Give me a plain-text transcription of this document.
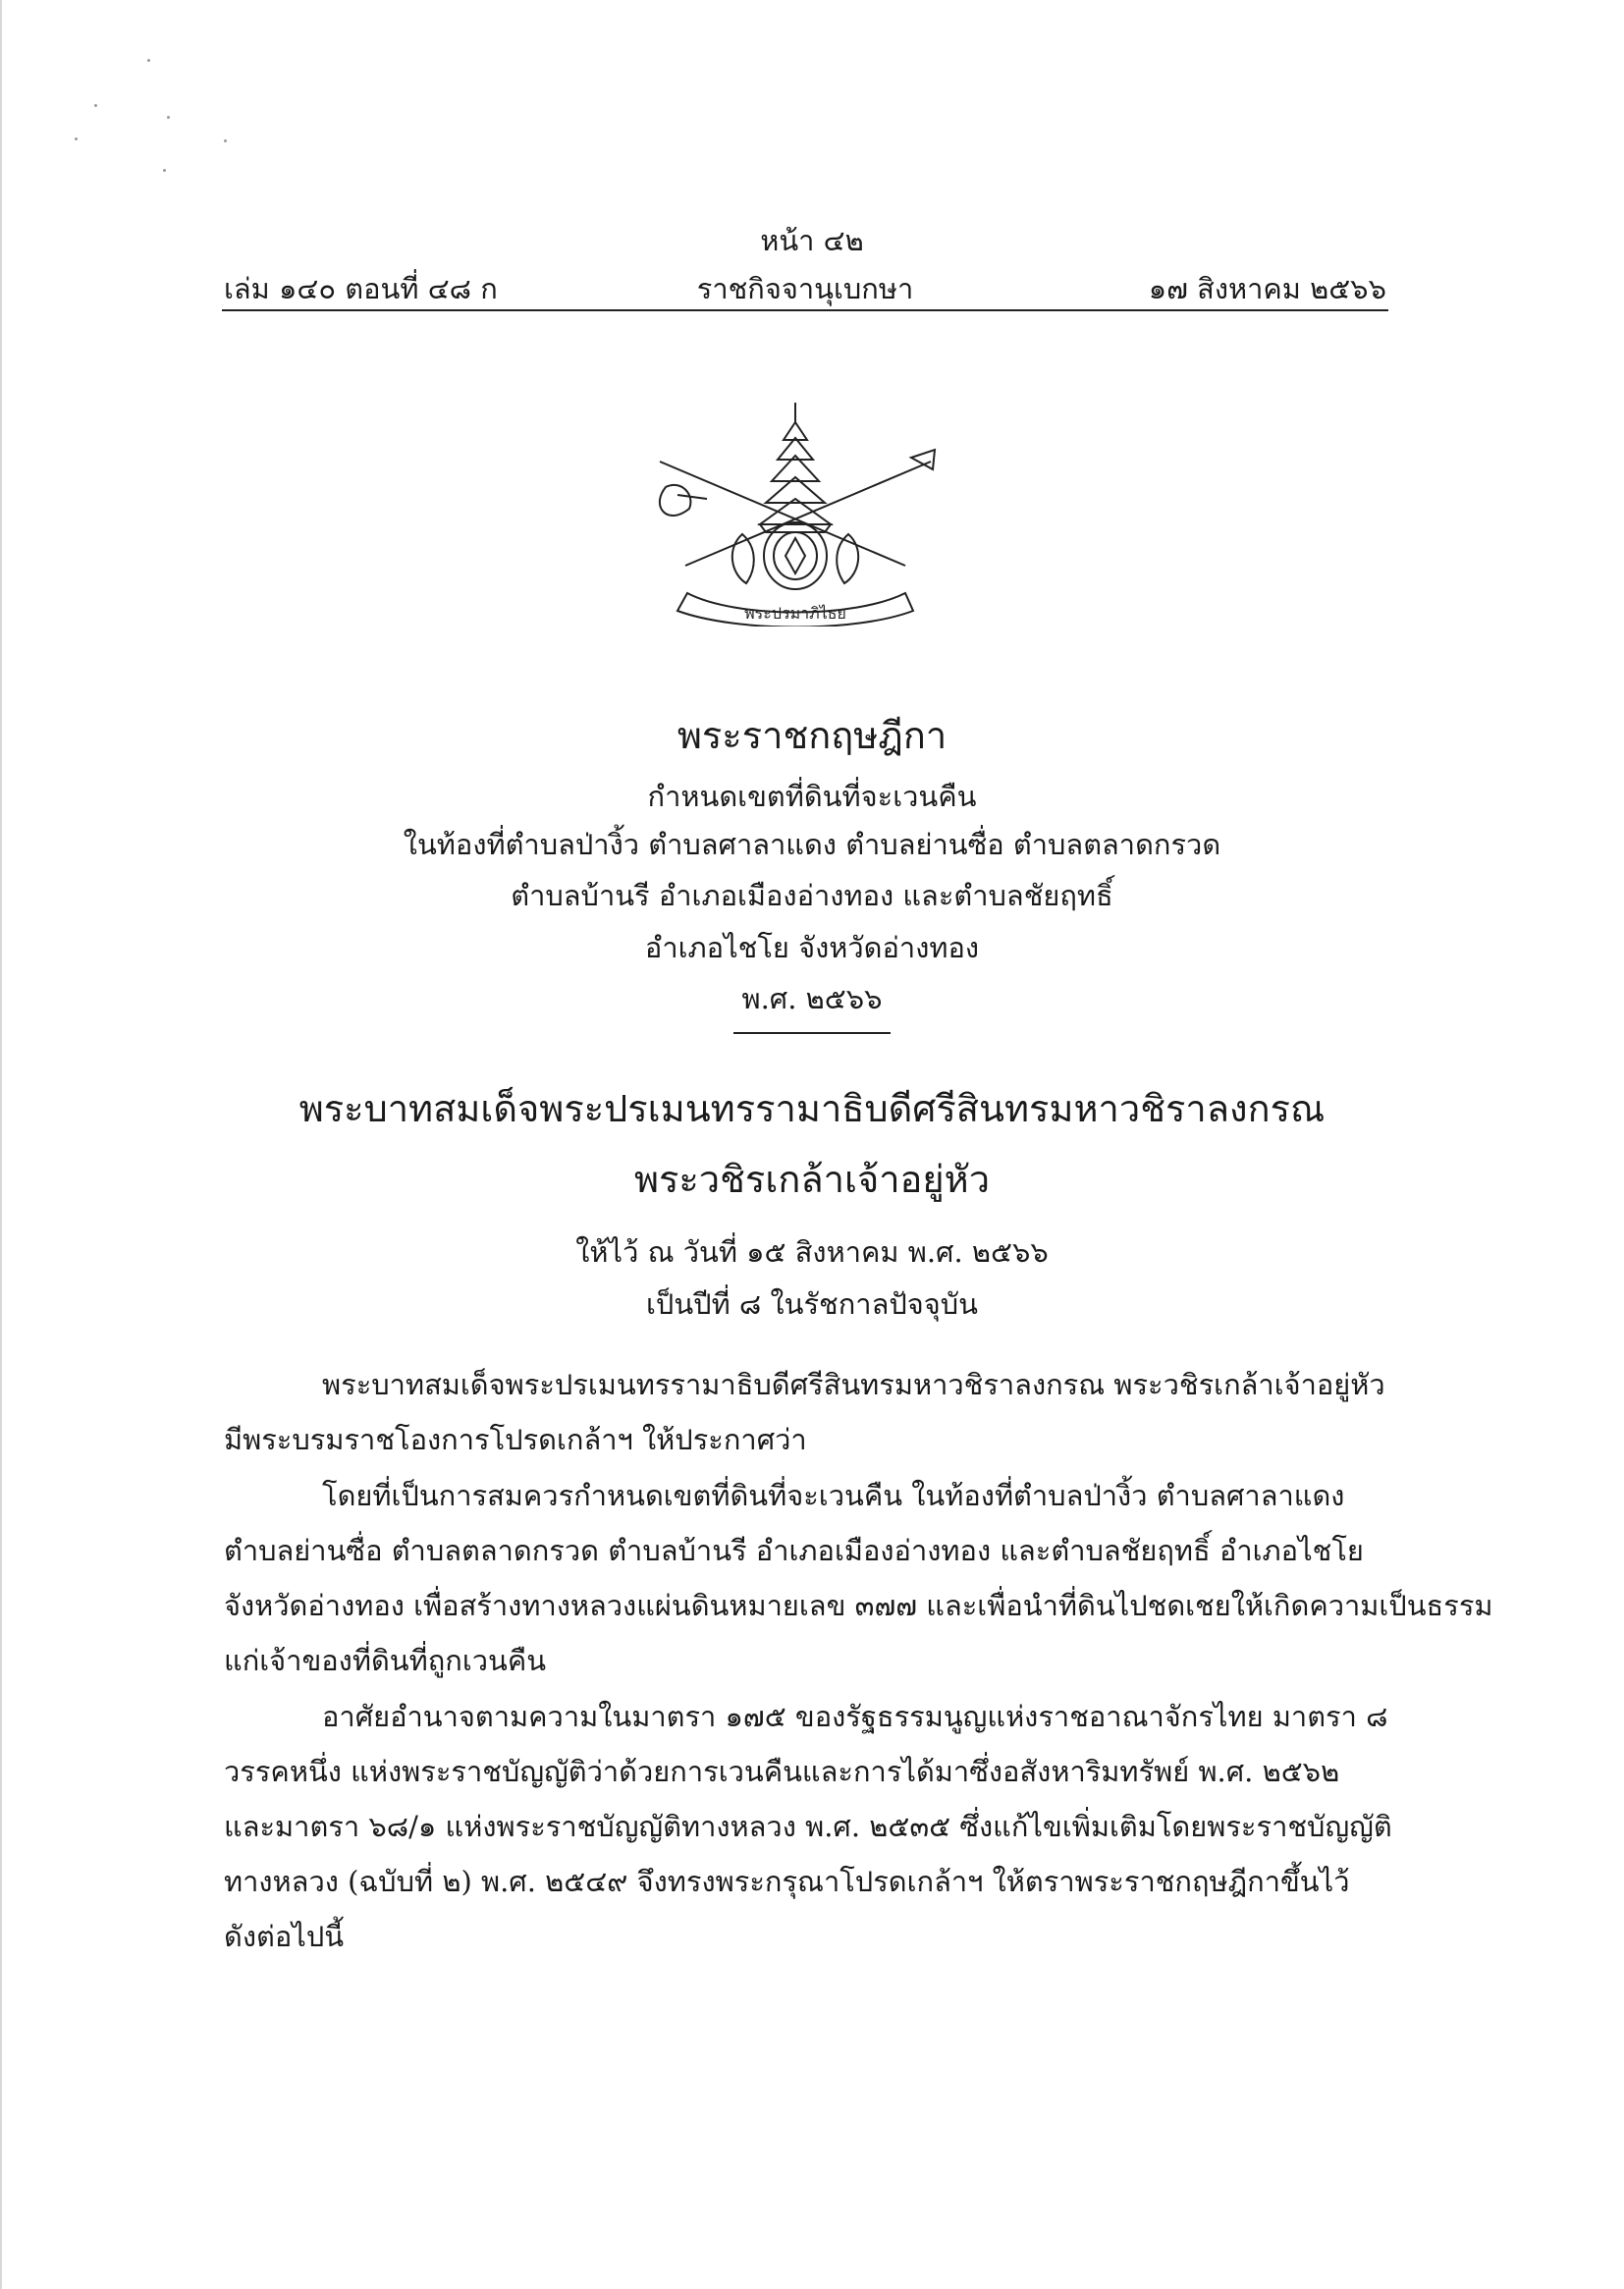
หน้า ๔๒
เล่ม ๑๔๐ ตอนที่ ๔๘ ก	ราชกิจจานุเบกษา	๑๗ สิงหาคม ๒๕๖๖
พระปรมาภิไธย
พระราชกฤษฎีกา
กำหนดเขตที่ดินที่จะเวนคืน
ในท้องที่ตำบลป่างิ้ว ตำบลศาลาแดง ตำบลย่านซื่อ ตำบลตลาดกรวด
ตำบลบ้านรี อำเภอเมืองอ่างทอง และตำบลชัยฤทธิ์
อำเภอไชโย จังหวัดอ่างทอง
พ.ศ. ๒๕๖๖
พระบาทสมเด็จพระปรเมนทรรามาธิบดีศรีสินทรมหาวชิราลงกรณ
พระวชิรเกล้าเจ้าอยู่หัว
ให้ไว้ ณ วันที่ ๑๕ สิงหาคม พ.ศ. ๒๕๖๖
เป็นปีที่ ๘ ในรัชกาลปัจจุบัน
พระบาทสมเด็จพระปรเมนทรรามาธิบดีศรีสินทรมหาวชิราลงกรณ พระวชิรเกล้าเจ้าอยู่หัว
มีพระบรมราชโองการโปรดเกล้าฯ ให้ประกาศว่า
โดยที่เป็นการสมควรกำหนดเขตที่ดินที่จะเวนคืน ในท้องที่ตำบลป่างิ้ว ตำบลศาลาแดง
ตำบลย่านซื่อ ตำบลตลาดกรวด ตำบลบ้านรี อำเภอเมืองอ่างทอง และตำบลชัยฤทธิ์ อำเภอไชโย
จังหวัดอ่างทอง เพื่อสร้างทางหลวงแผ่นดินหมายเลข ๓๗๗ และเพื่อนำที่ดินไปชดเชยให้เกิดความเป็นธรรม
แก่เจ้าของที่ดินที่ถูกเวนคืน
อาศัยอำนาจตามความในมาตรา ๑๗๕ ของรัฐธรรมนูญแห่งราชอาณาจักรไทย มาตรา ๘
วรรคหนึ่ง แห่งพระราชบัญญัติว่าด้วยการเวนคืนและการได้มาซึ่งอสังหาริมทรัพย์ พ.ศ. ๒๕๖๒
และมาตรา ๖๘/๑ แห่งพระราชบัญญัติทางหลวง พ.ศ. ๒๕๓๕ ซึ่งแก้ไขเพิ่มเติมโดยพระราชบัญญัติ
ทางหลวง (ฉบับที่ ๒) พ.ศ. ๒๕๔๙ จึงทรงพระกรุณาโปรดเกล้าฯ ให้ตราพระราชกฤษฎีกาขึ้นไว้
ดังต่อไปนี้
